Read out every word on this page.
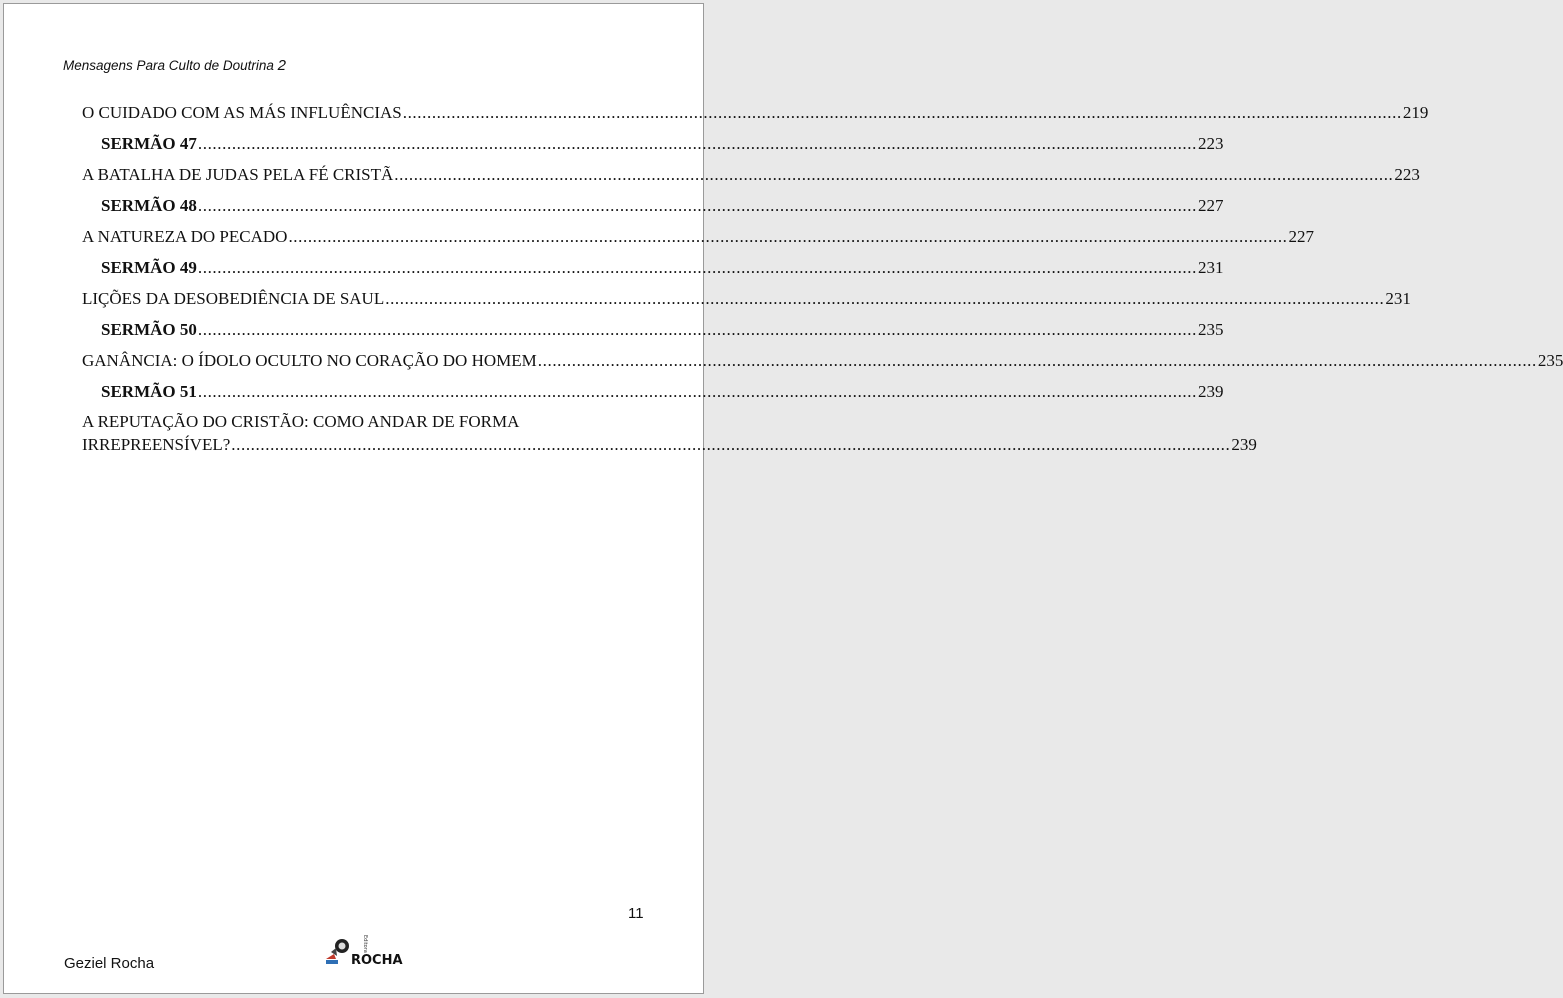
Mensagens Para Culto de Doutrina 2
O CUIDADO COM AS MÁS INFLUÊNCIAS .....	219
SERMÃO 47 .....	223
A BATALHA DE JUDAS PELA FÉ CRISTÃ .....	223
SERMÃO 48 .....	227
A NATUREZA DO PECADO .....	227
SERMÃO 49 .....	231
LIÇÕES DA DESOBEDIÊNCIA DE SAUL .....	231
SERMÃO 50 .....	235
GANÂNCIA: O ÍDOLO OCULTO NO CORAÇÃO DO HOMEM .....	235
SERMÃO 51 .....	239
A REPUTAÇÃO DO CRISTÃO: COMO ANDAR DE FORMA
IRREPREENSÍVEL? .....	239
11
Editora
ROCHA
Geziel Rocha
